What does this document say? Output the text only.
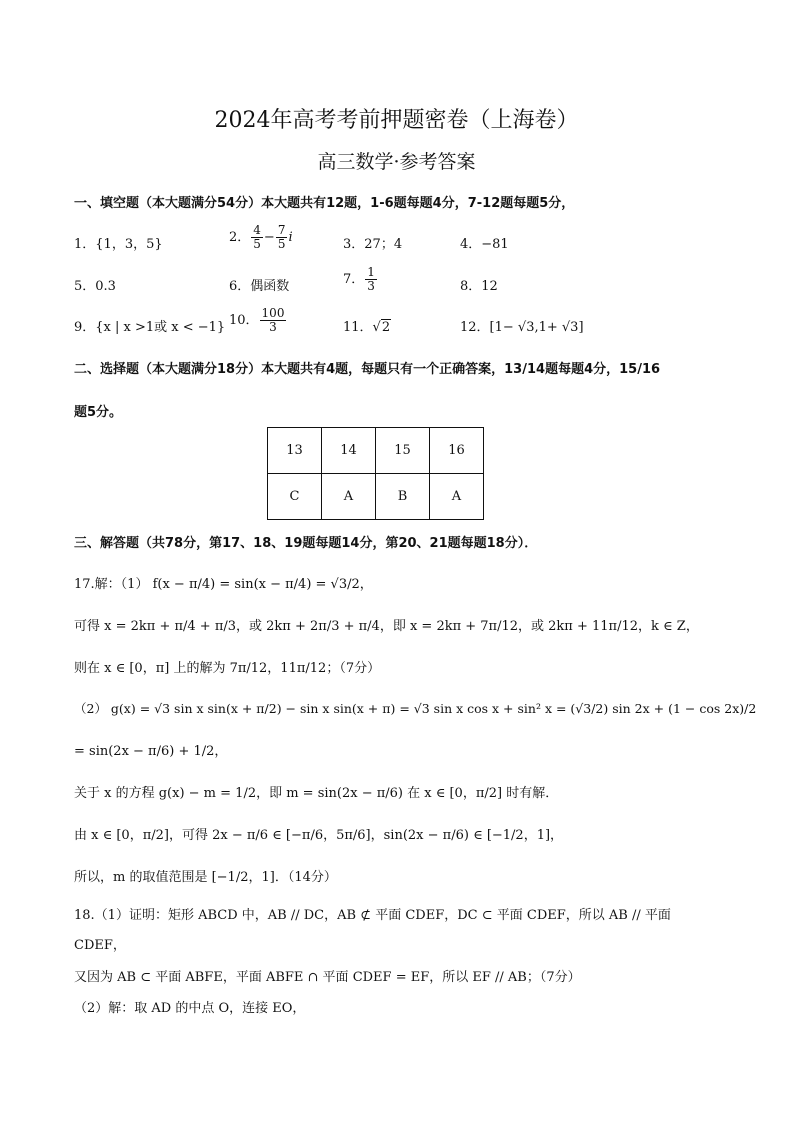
2024年高考考前押题密卷（上海卷）
高三数学·参考答案
一、填空题（本大题满分54分）本大题共有12题，1-6题每题4分，7-12题每题5分，
1．{1，3，5}	2． $\frac{4}{5} - \frac{7}{5}$ i	3．27；4	4．−81
5．0.3	6．偶函数	7． $\frac{1}{3}$	8．12
9．{x | x >1或 x < −1} 10． $\frac{100}{3}$	11．√2	12．[1− √3,1+ √3]
二、选择题（本大题满分18分）本大题共有4题，每题只有一个正确答案，13/14题每题4分，15/16
题5分。
13	14	15	16
C	A	B	A
三、解答题（共78分，第17、18、19题每题14分，第20、21题每题18分）．
17.解：（1） f(x − π/4) = sin(x − π/4) = √3/2，
可得 x = 2kπ + π/4 + π/3，或 2kπ + 2π/3 + π/4，即 x = 2kπ + 7π/12，或 2kπ + 11π/12，k ∈ Z，
则在 x ∈ [0，π] 上的解为 7π/12，11π/12；（7分）
（2） g(x) = √3 sin x sin(x + π/2) − sin x sin(x + π) = √3 sin x cos x + sin² x = (√3/2) sin 2x + (1 − cos 2x)/2
= sin(2x − π/6) + 1/2，
关于 x 的方程 g(x) − m = 1/2，即 m = sin(2x − π/6) 在 x ∈ [0，π/2] 时有解．
由 x ∈ [0，π/2]，可得 2x − π/6 ∈ [−π/6，5π/6]，sin(2x − π/6) ∈ [−1/2，1]，
所以，m 的取值范围是 [−1/2，1]．（14分）
18.（1）证明：矩形 ABCD 中，AB // DC，AB ⊄ 平面 CDEF，DC ⊂ 平面 CDEF，所以 AB // 平面
CDEF，
又因为 AB ⊂ 平面 ABFE，平面 ABFE ∩ 平面 CDEF = EF，所以 EF // AB；（7分）
（2）解：取 AD 的中点 O，连接 EO，
